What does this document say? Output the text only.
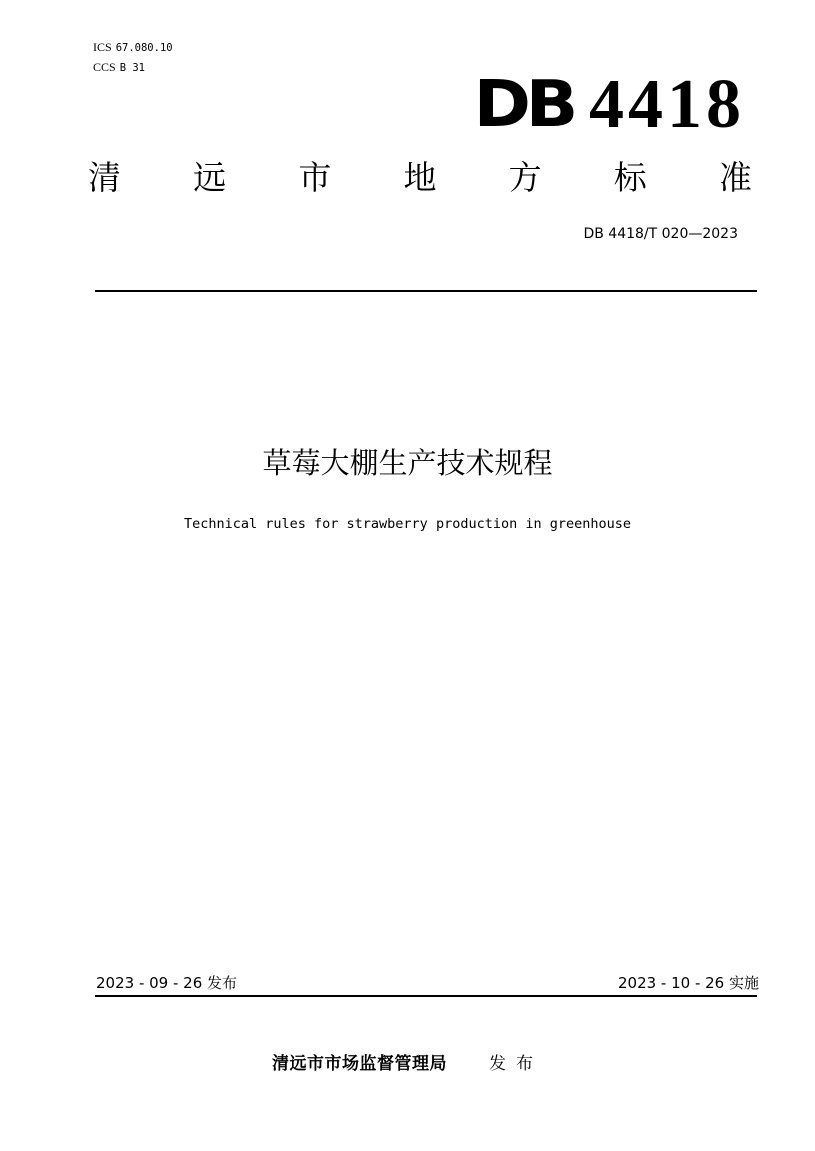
ICS 67.080.10
CCS B 31	DB 4418
清 远 市 地 方 标 准
DB 4418/T 020—2023
草莓大棚生产技术规程
Technical rules for strawberry production in greenhouse
2023 - 09 - 26 发布	2023 - 10 - 26 实施
清远市市场监督管理局 发布
